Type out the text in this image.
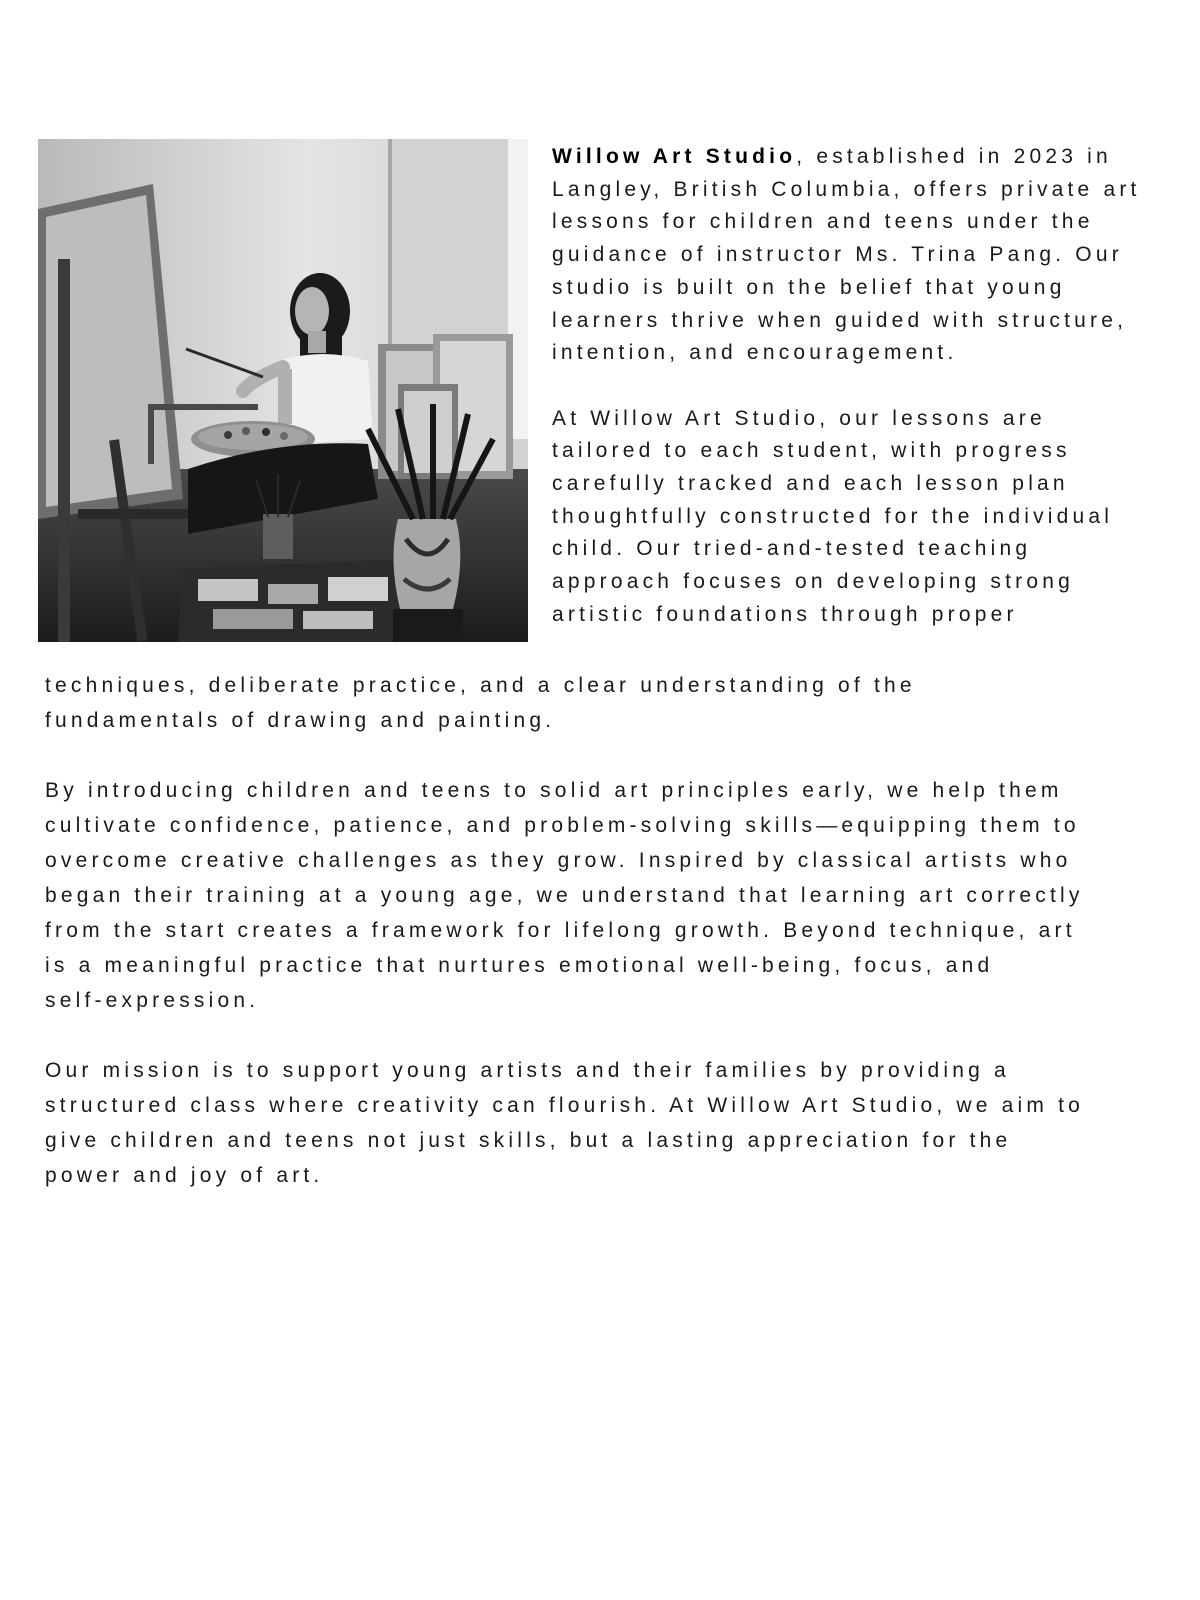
Willow Art Studio, established in 2023 in
Langley, British Columbia, offers private art
lessons for children and teens under the
guidance of instructor Ms. Trina Pang. Our
studio is built on the belief that young
learners thrive when guided with structure,
intention, and encouragement.
At Willow Art Studio, our lessons are
tailored to each student, with progress
carefully tracked and each lesson plan
thoughtfully constructed for the individual
child. Our tried-and-tested teaching
approach focuses on developing strong
artistic foundations through proper
techniques, deliberate practice, and a clear understanding of the
fundamentals of drawing and painting.
By introducing children and teens to solid art principles early, we help them
cultivate confidence, patience, and problem-solving skills—equipping them to
overcome creative challenges as they grow. Inspired by classical artists who
began their training at a young age, we understand that learning art correctly
from the start creates a framework for lifelong growth. Beyond technique, art
is a meaningful practice that nurtures emotional well-being, focus, and
self-expression.
Our mission is to support young artists and their families by providing a
structured class where creativity can flourish. At Willow Art Studio, we aim to
give children and teens not just skills, but a lasting appreciation for the
power and joy of art.
